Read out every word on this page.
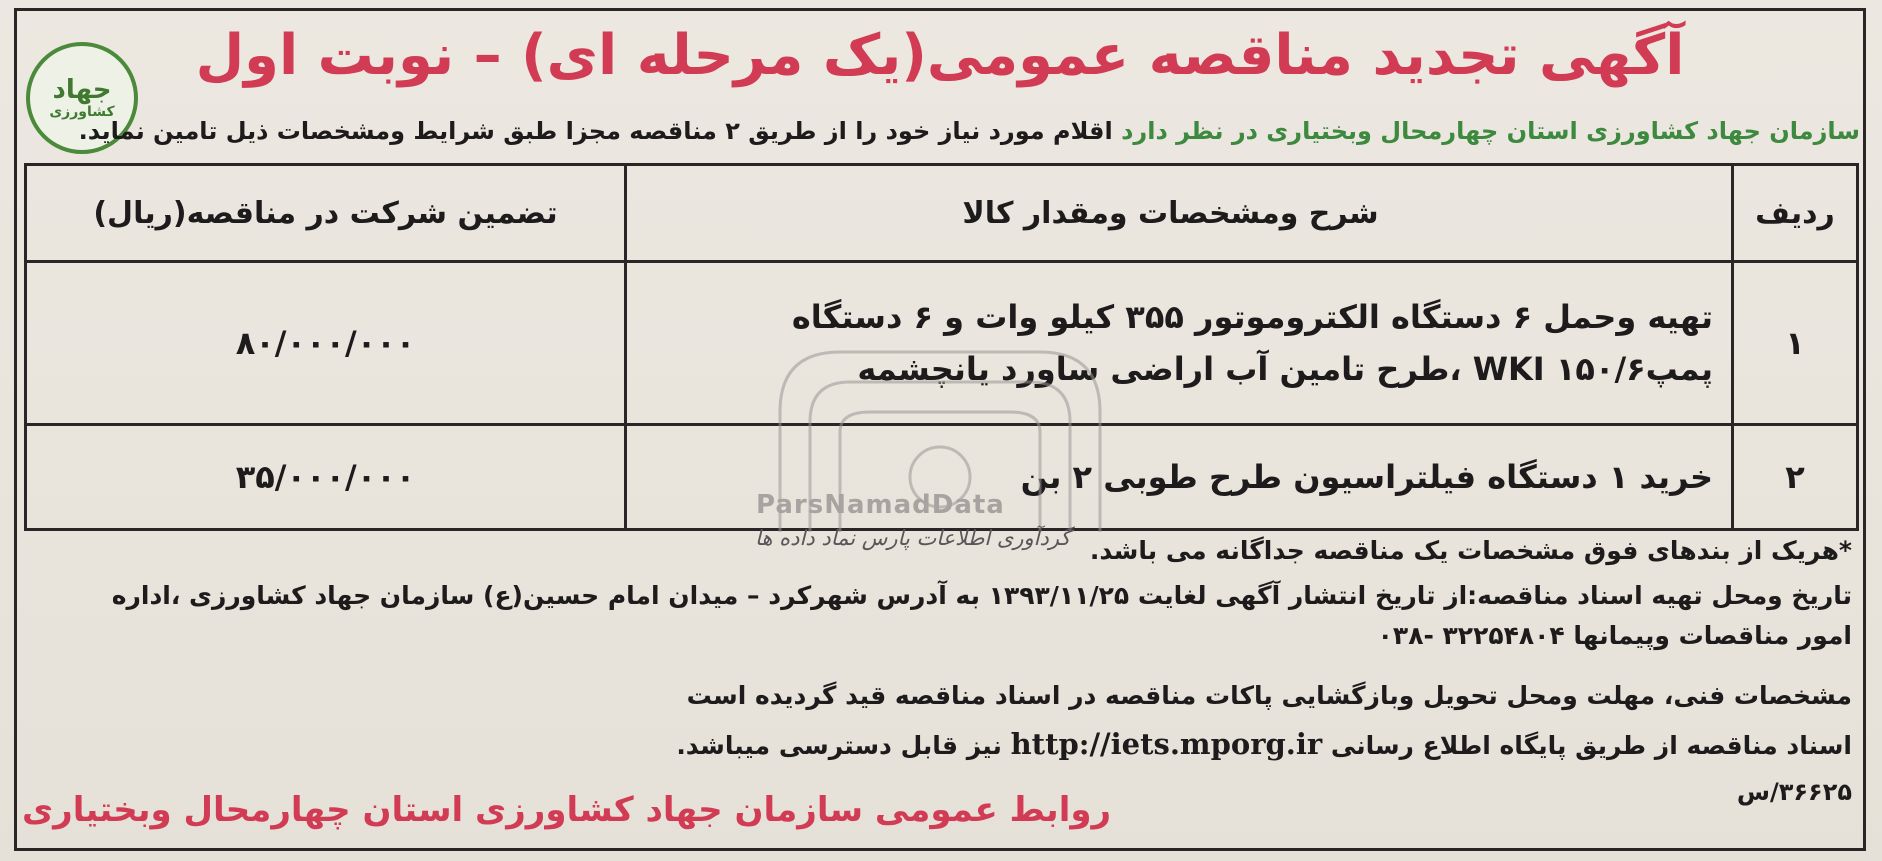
جهاد
کشاورزی
آگهی تجدید مناقصه عمومی(یک مرحله ای) – نوبت اول
سازمان جهاد کشاورزی استان چهارمحال وبختیاری در نظر دارد اقلام مورد نیاز خود را از طریق ۲ مناقصه مجزا طبق شرایط ومشخصات ذیل تامین نماید.
ردیف	شرح ومشخصات ومقدار کالا	تضمین شرکت در مناقصه(ریال)
۱	تهیه وحمل ۶ دستگاه الکتروموتور ۳۵۵ کیلو وات و ۶ دستگاه
پمپ۱۵۰/۶ WKI ،طرح تامین آب اراضی ساورد یانچشمه	۸۰/۰۰۰/۰۰۰
۲	خرید ۱ دستگاه فیلتراسیون طرح طوبی ۲ بن	۳۵/۰۰۰/۰۰۰
ParsNamadData
گردآوری اطلاعات پارس نماد داده ها *هریک از بندهای فوق مشخصات یک مناقصه جداگانه می باشد.
تاریخ ومحل تهیه اسناد مناقصه:از تاریخ انتشار آگهی لغایت ۱۳۹۳/۱۱/۲۵ به آدرس شهرکرد – میدان امام حسین(ع) سازمان جهاد کشاورزی ،اداره
امور مناقصات وپیمانها ۳۲۲۵۴۸۰۴ -۰۳۸
مشخصات فنی، مهلت ومحل تحویل وبازگشایی پاکات مناقصه در اسناد مناقصه قید گردیده است
اسناد مناقصه از طریق پایگاه اطلاع رسانی http://iets.mporg.ir نیز قابل دسترسی میباشد.
۳۶۶۲۵/س
روابط عمومی سازمان جهاد کشاورزی استان چهارمحال وبختیاری
